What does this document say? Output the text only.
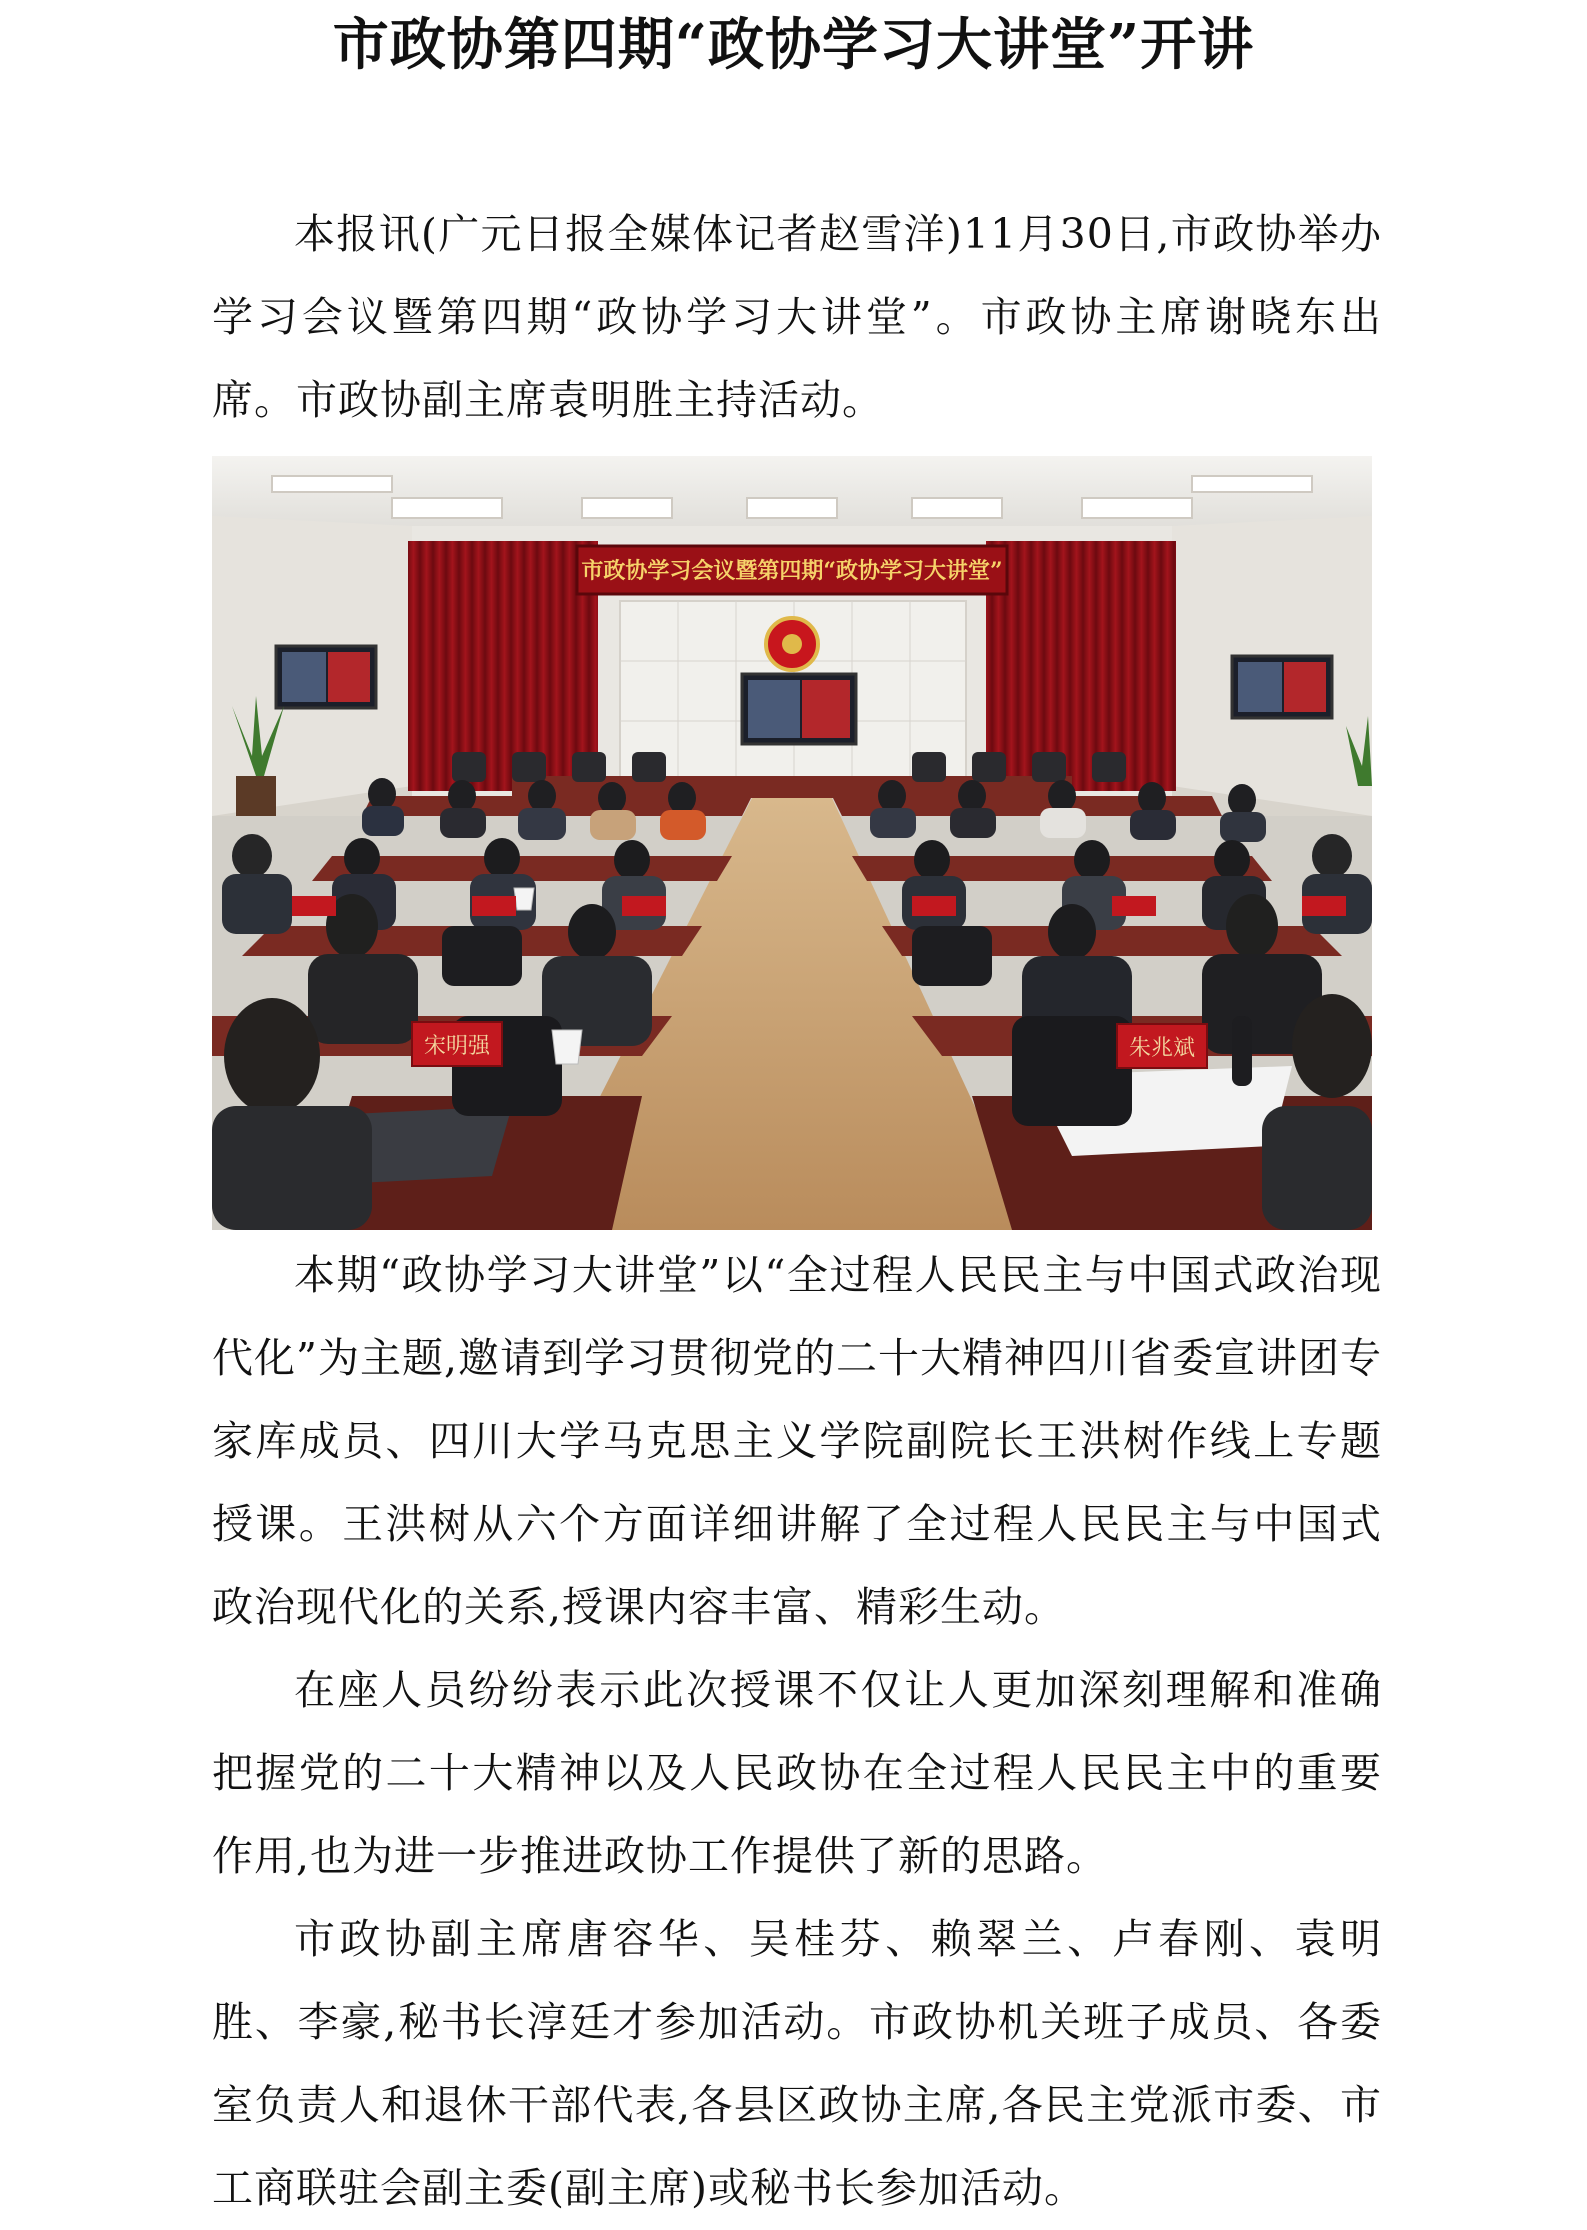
市政协第四期“政协学习大讲堂”开讲

本报讯(广元日报全媒体记者赵雪洋)11月30日,市政协举办学习会议暨第四期“政协学习大讲堂”。市政协主席谢晓东出席。市政协副主席袁明胜主持活动。

市政协学习会议暨第四期“政协学习大讲堂”
宋明强	朱兆斌

本期“政协学习大讲堂”以“全过程人民民主与中国式政治现代化”为主题,邀请到学习贯彻党的二十大精神四川省委宣讲团专家库成员、四川大学马克思主义学院副院长王洪树作线上专题授课。王洪树从六个方面详细讲解了全过程人民民主与中国式政治现代化的关系,授课内容丰富、精彩生动。

在座人员纷纷表示此次授课不仅让人更加深刻理解和准确把握党的二十大精神以及人民政协在全过程人民民主中的重要作用,也为进一步推进政协工作提供了新的思路。

市政协副主席唐容华、吴桂芬、赖翠兰、卢春刚、袁明胜、李豪,秘书长淳廷才参加活动。市政协机关班子成员、各委室负责人和退休干部代表,各县区政协主席,各民主党派市委、市工商联驻会副主委(副主席)或秘书长参加活动。
